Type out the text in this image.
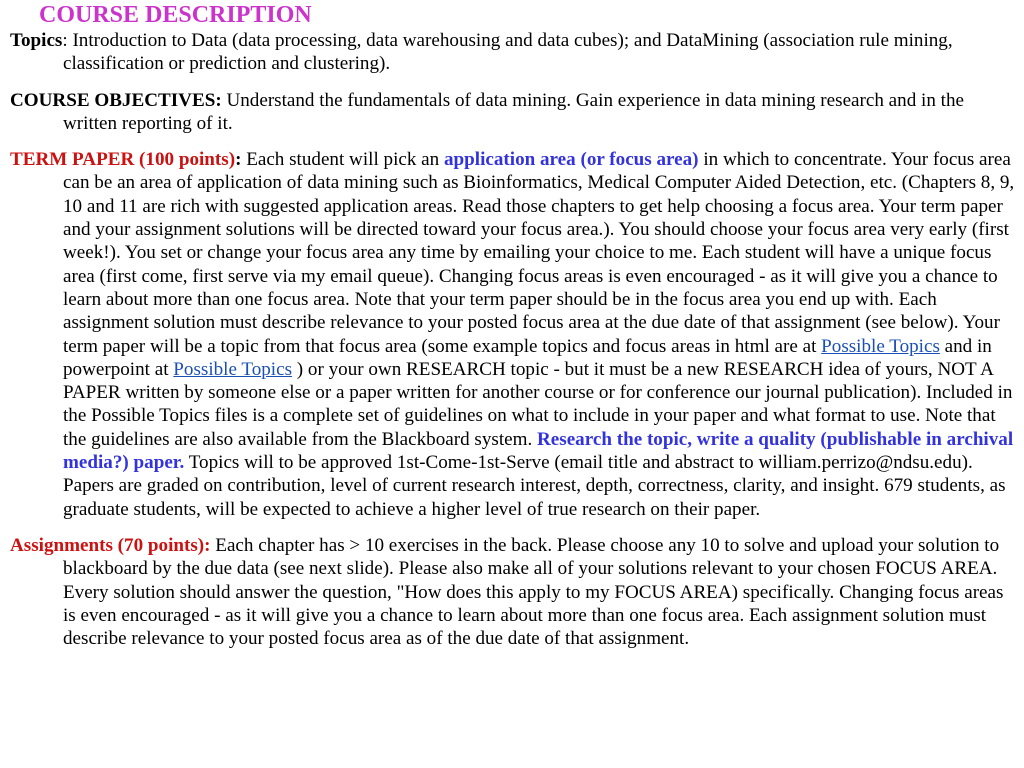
COURSE DESCRIPTION

Topics: Introduction to Data (data processing, data warehousing and data cubes); and DataMining (association rule mining, classification or prediction and clustering).

COURSE OBJECTIVES: Understand the fundamentals of data mining. Gain experience in data mining research and in the written reporting of it.

TERM PAPER (100 points): Each student will pick an application area (or focus area) in which to concentrate. Your focus area can be an area of application of data mining such as Bioinformatics, Medical Computer Aided Detection, etc. (Chapters 8, 9, 10 and 11 are rich with suggested application areas. Read those chapters to get help choosing a focus area. Your term paper and your assignment solutions will be directed toward your focus area.). You should choose your focus area very early (first week!). You set or change your focus area any time by emailing your choice to me. Each student will have a unique focus area (first come, first serve via my email queue). Changing focus areas is even encouraged - as it will give you a chance to learn about more than one focus area. Note that your term paper should be in the focus area you end up with. Each assignment solution must describe relevance to your posted focus area at the due date of that assignment (see below). Your term paper will be a topic from that focus area (some example topics and focus areas in html are at Possible Topics and in powerpoint at Possible Topics ) or your own RESEARCH topic - but it must be a new RESEARCH idea of yours, NOT A PAPER written by someone else or a paper written for another course or for conference our journal publication). Included in the Possible Topics files is a complete set of guidelines on what to include in your paper and what format to use. Note that the guidelines are also available from the Blackboard system. Research the topic, write a quality (publishable in archival media?) paper. Topics will to be approved 1st-Come-1st-Serve (email title and abstract to william.perrizo@ndsu.edu). Papers are graded on contribution, level of current research interest, depth, correctness, clarity, and insight. 679 students, as graduate students, will be expected to achieve a higher level of true research on their paper.

Assignments (70 points): Each chapter has > 10 exercises in the back. Please choose any 10 to solve and upload your solution to blackboard by the due data (see next slide). Please also make all of your solutions relevant to your chosen FOCUS AREA. Every solution should answer the question, "How does this apply to my FOCUS AREA) specifically. Changing focus areas is even encouraged - as it will give you a chance to learn about more than one focus area. Each assignment solution must describe relevance to your posted focus area as of the due date of that assignment.
